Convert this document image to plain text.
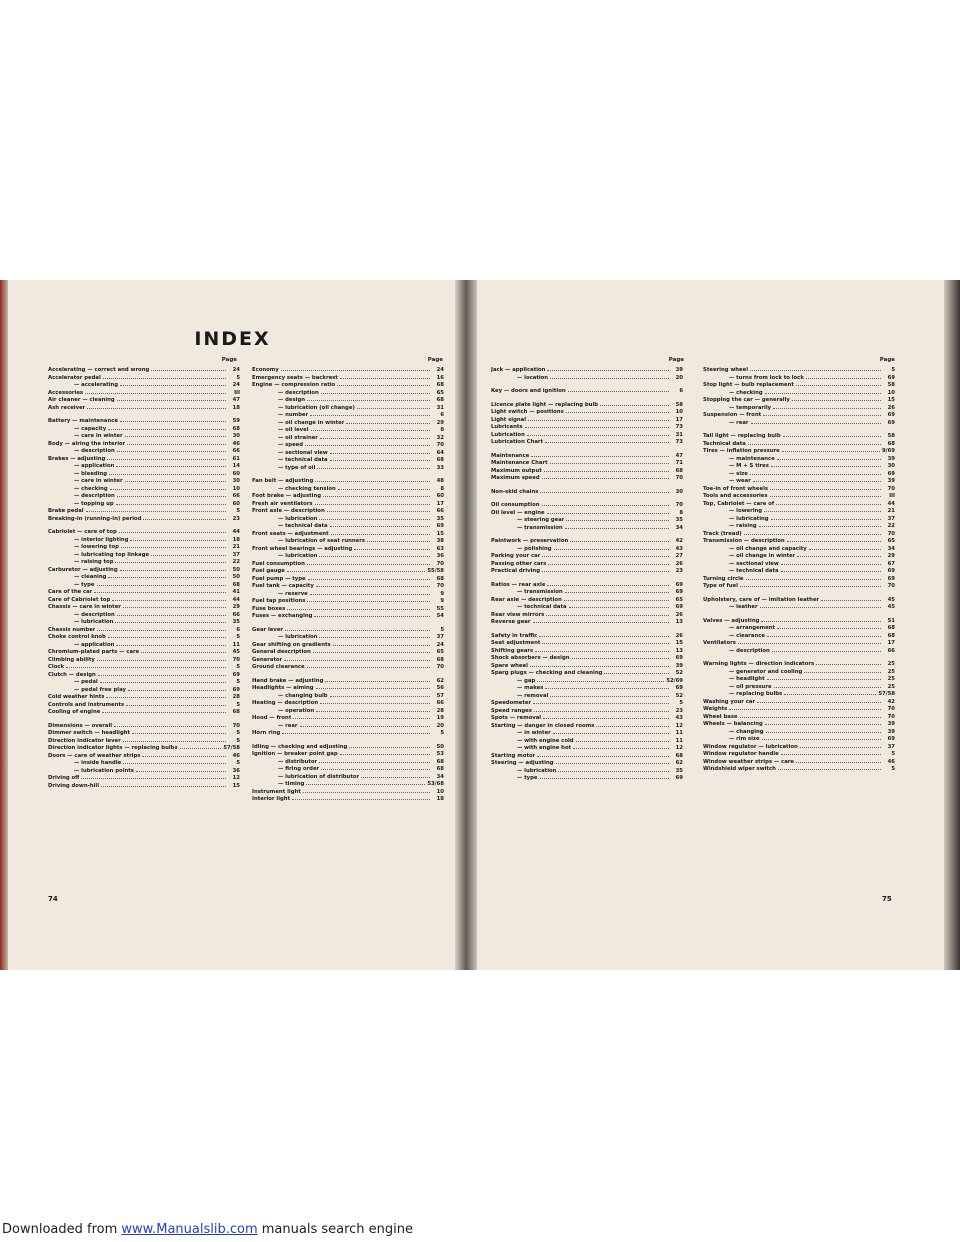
INDEX
Page	Page	Page	Page
Accelerating — correct and wrong	24
Accelerator pedal	5
— accelerating	24
Accessories	III
Air cleaner — cleaning	47
Ash receiver	18
Battery — maintenance	59
— capacity	68
— care in winter	30
Body — airing the interior	46
— description	66
Brakes — adjusting	61
— application	14
— bleeding	60
— care in winter	30
— checking	10
— description	66
— topping up	60
Brake pedal	5
Breaking-in (running-in) period	23
Cabriolet — care of top	44
— interior lighting	18
— lowering top	21
— lubricating top linkage	37
— raising top	22
Carburetor — adjusting	50
— cleaning	50
— type	68
Care of the car	41
Care of Cabriolet top	44
Chassis — care in winter	29
— description	66
— lubrication	35
Chassis number	6
Choke control knob	5
— application	11
Chromium-plated parts — care	45
Climbing ability	70
Clock	5
Clutch — design	69
— pedal	5
— pedal free play	69
Cold weather hints	28
Controls and instruments	5
Cooling of engine	68
Dimensions — overall	70
Dimmer switch — headlight	5
Direction indicator lever	5
Direction indicator lights — replacing bulbs	57/58
Doors — care of weather strips	46
— inside handle	5
— lubrication points	36
Driving off	12
Driving down-hill	15
Economy	24
Emergency seats — backrest	16
Engine — compression ratio	68
— description	65
— design	68
— lubrication (oil change)	31
— number	6
— oil change in winter	29
— oil level	8
— oil strainer	32
— speed	70
— sectional view	64
— technical data	68
— type of oil	33
Fan belt — adjusting	48
— checking tension	8
Foot brake — adjusting	60
Fresh air ventilators	17
Front axle — description	66
— lubrication	35
— technical data	69
Front seats — adjustment	15
— lubrication of seat runners	38
Front wheel bearings — adjusting	63
— lubrication	36
Fuel consumption	70
Fuel gauge	55/58
Fuel pump — type	68
Fuel tank — capacity	70
— reserve	9
Fuel tap positions	9
Fuse boxes	55
Fuses — exchanging	54
Gear lever	5
— lubrication	37
Gear shifting on gradients	24
General description	65
Generator	68
Ground clearance	70
Hand brake — adjusting	62
Headlights — aiming	56
— changing bulb	57
Heating — description	66
— operation	28
Hood — front	19
— rear	20
Horn ring	5
Idling — checking and adjusting	50
Ignition — breaker point gap	53
— distributor	68
— firing order	68
— lubrication of distributor	34
— timing	53/68
Instrument light	10
Interior light	18
Jack — application	39
— location	20
Key — doors and ignition	6
Licence plate light — replacing bulb	58
Light switch — positions	10
Light signal	17
Lubricants	73
Lubrication	31
Lubrication Chart	73
Maintenance	47
Maintenance Chart	71
Maximum output	68
Maximum speed	70
Non-skid chains	30
Oil consumption	70
Oil level — engine	8
— steering gear	35
— transmission	34
Paintwork — preservation	42
— polishing	43
Parking your car	27
Passing other cars	26
Practical driving	23
Ratios — rear axle	69
— transmission	69
Rear axle — description	65
— technical data	69
Rear view mirrors	26
Reverse gear	13
Safety in traffic	26
Seat adjustment	15
Shifting gears	13
Shock absorbers — design	69
Spare wheel	39
Sparg plugs — checking and cleaning	52
— gap	52/69
— makes	69
— removal	52
Speedometer	5
Speed ranges	23
Spots — removal	43
Starting — danger in closed rooms	12
— in winter	11
— with engine cold	11
— with engine hot	12
Starting motor	68
Steering — adjusting	62
— lubrication	35
— type	69
Steering wheel	5
— turns from lock to lock	69
Stop light — bulb replacement	58
— checking	10
Stopping the car — generally	15
— temporarily	26
Suspension — front	69
— rear	69
Tail light — replacing bulb	58
Technical data	68
Tires — inflation pressure	9/69
— maintenance	39
— M + S tires	30
— size	69
— wear	39
Toe-in of front wheels	70
Tools and accessories	III
Top, Cabriolet — care of	44
— lowering	21
— lubricating	37
— raising	22
Track (tread)	70
Transmission — description	65
— oil change and capacity	34
— oil change in winter	29
— sectional view	67
— technical data	69
Turning circle	69
Type of fuel	70
Upholstery, care of — imitation leather	45
— leather	45
Valves — adjusting	51
— arrangement	68
— clearance	68
Ventilators	17
— description	66
Warning lights — direction indicators	25
— generator and cooling	25
— headlight	25
— oil pressure	25
— replacing bulbs	57/58
Washing your car	42
Weights	70
Wheel base	70
Wheels — balancing	39
— changing	39
— rim size	69
Window regulator — lubrication	37
Window regulator handle	5
Window weather strips — care	46
Windshield wiper switch	5
74	75
Downloaded from www.Manualslib.com manuals search engine
